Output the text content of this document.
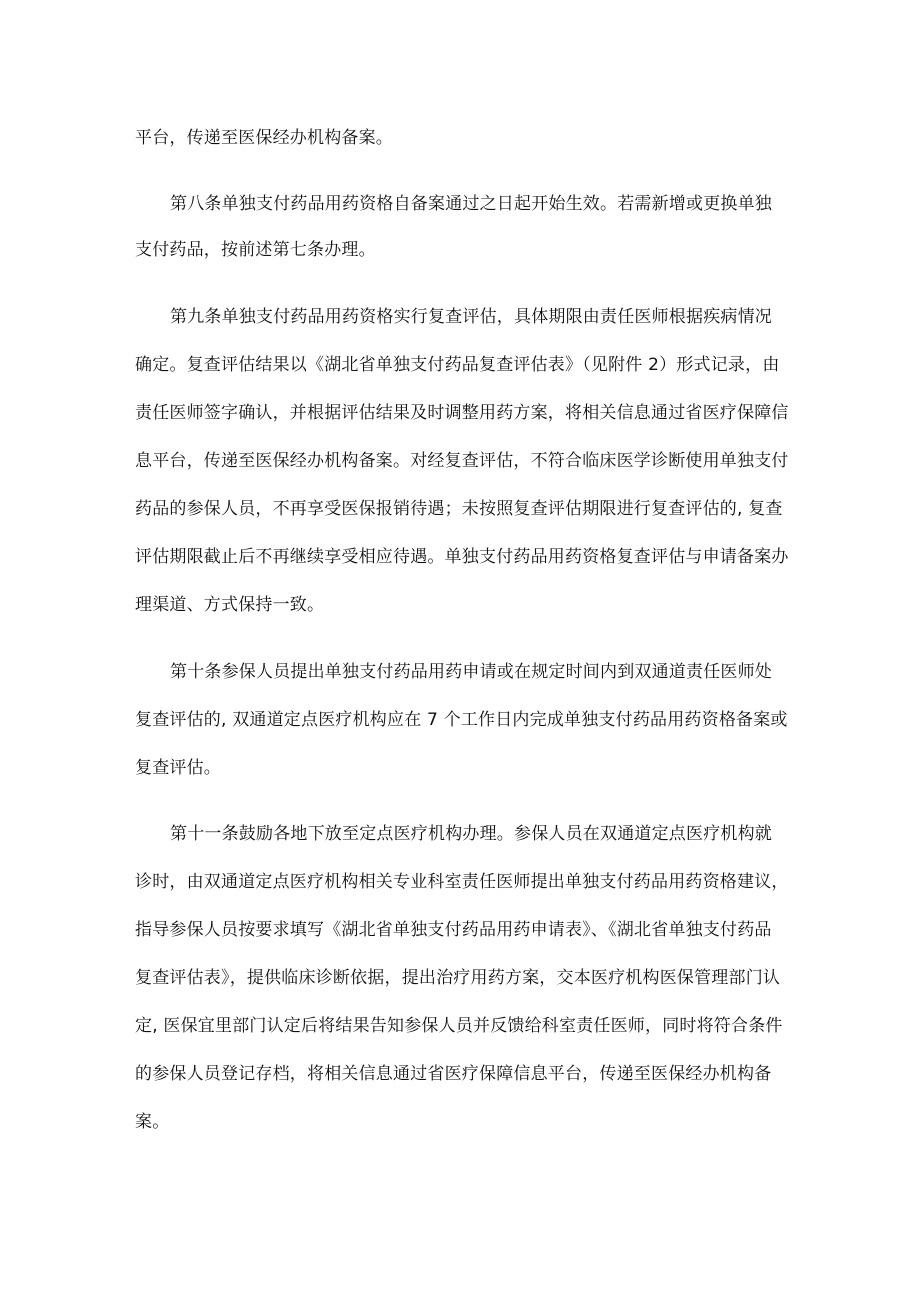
平台，传递至医保经办机构备案。
第八条单独支付药品用药资格自备案通过之日起开始生效。若需新增或更换单独
支付药品，按前述第七条办理。
第九条单独支付药品用药资格实行复查评估，具体期限由责任医师根据疾病情况
确定。复查评估结果以《湖北省单独支付药品复查评估表》（见附件 2）形式记录，由
责任医师签字确认，并根据评估结果及时调整用药方案，将相关信息通过省医疗保障信
息平台，传递至医保经办机构备案。对经复查评估，不符合临床医学诊断使用单独支付
药品的参保人员，不再享受医保报销待遇；未按照复查评估期限进行复查评估的, 复查
评估期限截止后不再继续享受相应待遇。单独支付药品用药资格复查评估与申请备案办
理渠道、方式保持一致。
第十条参保人员提出单独支付药品用药申请或在规定时间内到双通道责任医师处
复查评估的, 双通道定点医疗机构应在 7 个工作日内完成单独支付药品用药资格备案或
复查评估。
第十一条鼓励各地下放至定点医疗机构办理。参保人员在双通道定点医疗机构就
诊时，由双通道定点医疗机构相关专业科室责任医师提出单独支付药品用药资格建议，
指导参保人员按要求填写《湖北省单独支付药品用药申请表》、《湖北省单独支付药品
复查评估表》，提供临床诊断依据，提出治疗用药方案，交本医疗机构医保管理部门认
定, 医保宜里部门认定后将结果告知参保人员并反馈给科室责任医师，同时将符合条件
的参保人员登记存档，将相关信息通过省医疗保障信息平台，传递至医保经办机构备
案。
